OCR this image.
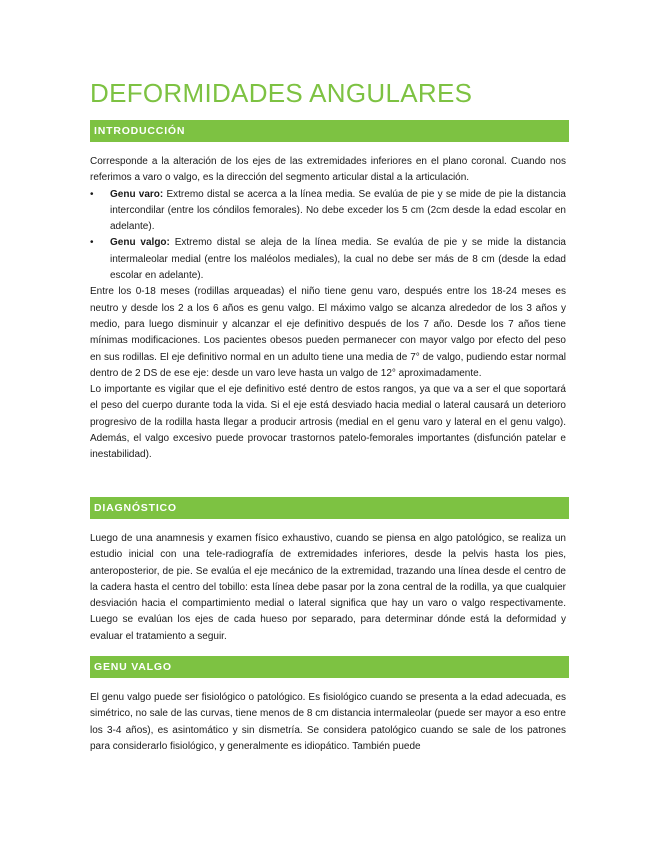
DEFORMIDADES ANGULARES
INTRODUCCIÓN

Corresponde a la alteración de los ejes de las extremidades inferiores en el plano coronal. Cuando nos referimos a varo o valgo, es la dirección del segmento articular distal a la articulación.

• Genu varo: Extremo distal se acerca a la línea media. Se evalúa de pie y se mide de pie la distancia intercondilar (entre los cóndilos femorales). No debe exceder los 5 cm (2cm desde la edad escolar en adelante).
• Genu valgo: Extremo distal se aleja de la línea media. Se evalúa de pie y se mide la distancia intermaleolar medial (entre los maléolos mediales), la cual no debe ser más de 8 cm (desde la edad escolar en adelante).

Entre los 0-18 meses (rodillas arqueadas) el niño tiene genu varo, después entre los 18-24 meses es neutro y desde los 2 a los 6 años es genu valgo. El máximo valgo se alcanza alrededor de los 3 años y medio, para luego disminuir y alcanzar el eje definitivo después de los 7 año. Desde los 7 años tiene mínimas modificaciones. Los pacientes obesos pueden permanecer con mayor valgo por efecto del peso en sus rodillas. El eje definitivo normal en un adulto tiene una media de 7° de valgo, pudiendo estar normal dentro de 2 DS de ese eje: desde un varo leve hasta un valgo de 12° aproximadamente.

Lo importante es vigilar que el eje definitivo esté dentro de estos rangos, ya que va a ser el que soportará el peso del cuerpo durante toda la vida. Si el eje está desviado hacia medial o lateral causará un deterioro progresivo de la rodilla hasta llegar a producir artrosis (medial en el genu varo y lateral en el genu valgo). Además, el valgo excesivo puede provocar trastornos patelo-femorales importantes (disfunción patelar e inestabilidad).

DIAGNÓSTICO

Luego de una anamnesis y examen físico exhaustivo, cuando se piensa en algo patológico, se realiza un estudio inicial con una tele-radiografía de extremidades inferiores, desde la pelvis hasta los pies, anteroposterior, de pie. Se evalúa el eje mecánico de la extremidad, trazando una línea desde el centro de la cadera hasta el centro del tobillo: esta línea debe pasar por la zona central de la rodilla, ya que cualquier desviación hacia el compartimiento medial o lateral significa que hay un varo o valgo respectivamente. Luego se evalúan los ejes de cada hueso por separado, para determinar dónde está la deformidad y evaluar el tratamiento a seguir.

GENU VALGO

El genu valgo puede ser fisiológico o patológico. Es fisiológico cuando se presenta a la edad adecuada, es simétrico, no sale de las curvas, tiene menos de 8 cm distancia intermaleolar (puede ser mayor a eso entre los 3-4 años), es asintomático y sin dismetría. Se considera patológico cuando se sale de los patrones para considerarlo fisiológico, y generalmente es idiopático. También puede
